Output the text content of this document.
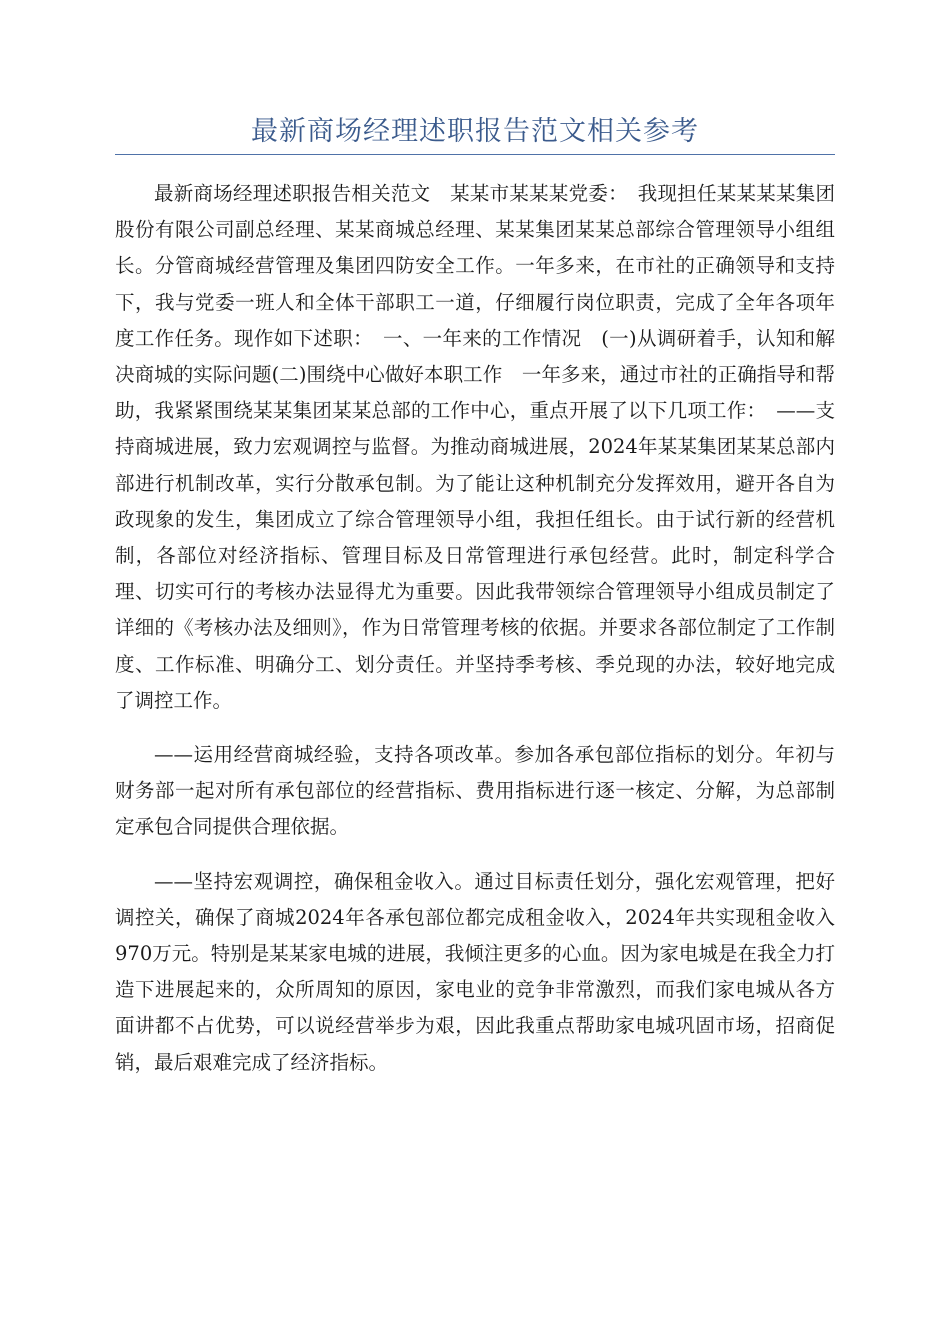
最新商场经理述职报告范文相关参考

最新商场经理述职报告相关范文　某某市某某某党委：　我现担任某某某某集团股份有限公司副总经理、某某商城总经理、某某集团某某总部综合管理领导小组组长。分管商城经营管理及集团四防安全工作。一年多来，在市社的正确领导和支持下，我与党委一班人和全体干部职工一道，仔细履行岗位职责，完成了全年各项年度工作任务。现作如下述职：　一、一年来的工作情况　(一)从调研着手，认知和解决商城的实际问题(二)围绕中心做好本职工作　一年多来，通过市社的正确指导和帮助，我紧紧围绕某某集团某某总部的工作中心，重点开展了以下几项工作：　——支持商城进展，致力宏观调控与监督。为推动商城进展，2024年某某集团某某总部内部进行机制改革，实行分散承包制。为了能让这种机制充分发挥效用，避开各自为政现象的发生，集团成立了综合管理领导小组，我担任组长。由于试行新的经营机制，各部位对经济指标、管理目标及日常管理进行承包经营。此时，制定科学合理、切实可行的考核办法显得尤为重要。因此我带领综合管理领导小组成员制定了详细的《考核办法及细则》，作为日常管理考核的依据。并要求各部位制定了工作制度、工作标准、明确分工、划分责任。并坚持季考核、季兑现的办法，较好地完成了调控工作。

——运用经营商城经验，支持各项改革。参加各承包部位指标的划分。年初与财务部一起对所有承包部位的经营指标、费用指标进行逐一核定、分解，为总部制定承包合同提供合理依据。

——坚持宏观调控，确保租金收入。通过目标责任划分，强化宏观管理，把好调控关，确保了商城2024年各承包部位都完成租金收入，2024年共实现租金收入970万元。特别是某某家电城的进展，我倾注更多的心血。因为家电城是在我全力打造下进展起来的，众所周知的原因，家电业的竞争非常激烈，而我们家电城从各方面讲都不占优势，可以说经营举步为艰，因此我重点帮助家电城巩固市场，招商促销，最后艰难完成了经济指标。
